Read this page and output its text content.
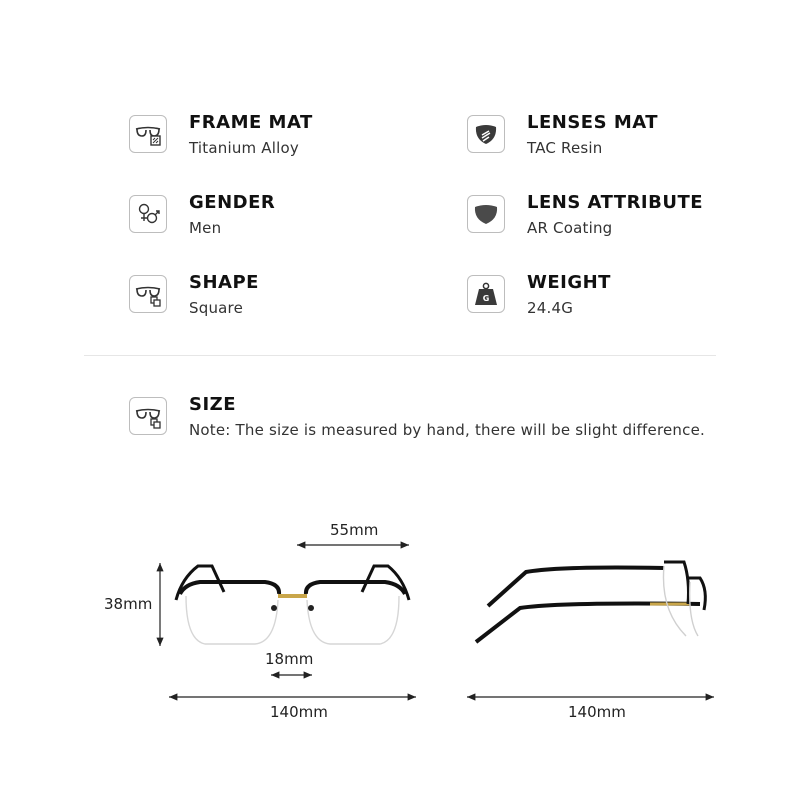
FRAME MAT
Titanium Alloy
LENSES MAT
TAC Resin
GENDER
Men
LENS ATTRIBUTE
AR Coating
SHAPE
Square
G
WEIGHT
24.4G
SIZE
Note: The size is measured by hand, there will be slight difference.
55mm
38mm
18mm
140mm	140mm
